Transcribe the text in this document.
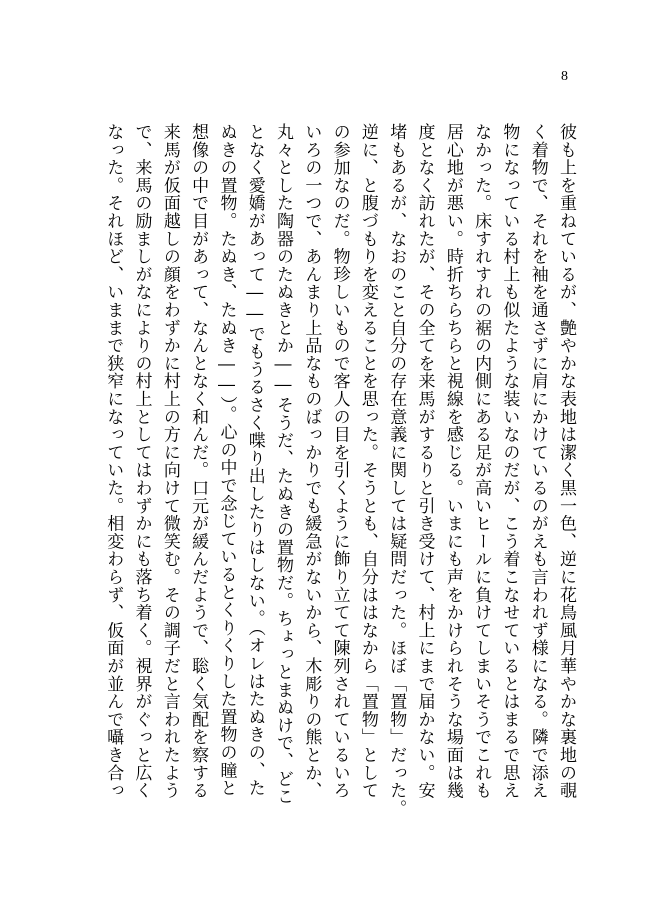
8
彼も上を重ねているが、艶やかな表地は潔く黒一色、逆に花鳥風月華やかな裏地の覗
く着物で、それを袖を通さずに肩にかけているのがえも言われず様になる。隣で添え
物になっている村上も似たような装いなのだが、こう着こなせているとはまるで思え
なかった。床すれすれの裾の内側にある足が高いヒールに負けてしまいそうでこれも
居心地が悪い。時折ちらちらと視線を感じる。いまにも声をかけられそうな場面は幾
度となく訪れたが、その全てを来馬がするりと引き受けて、村上にまで届かない。安
堵もあるが、なおのこと自分の存在意義に関しては疑問だった。ほぼ「置物」だった。
逆に、と腹づもりを変えることを思った。そうとも、自分ははなから「置物」として
の参加なのだ。物珍しいもので客人の目を引くように飾り立てて陳列されているいろ
いろの一つで、あんまり上品なものばっかりでも緩急がないから、木彫りの熊とか、
丸々とした陶器のたぬきとか――そうだ、たぬきの置物だ。ちょっとまぬけで、どこ
となく愛嬌があって――でもうるさく喋り出したりはしない。（オレはたぬきの、た
ぬきの置物。たぬき、たぬき――）。心の中で念じているとくりくりした置物の瞳と
想像の中で目があって、なんとなく和んだ。口元が緩んだようで、聡く気配を察する
来馬が仮面越しの顔をわずかに村上の方に向けて微笑む。その調子だと言われたよう
で、来馬の励ましがなによりの村上としてはわずかにも落ち着く。視界がぐっと広く
なった。それほど、いままで狭窄になっていた。相変わらず、仮面が並んで囁き合っ
